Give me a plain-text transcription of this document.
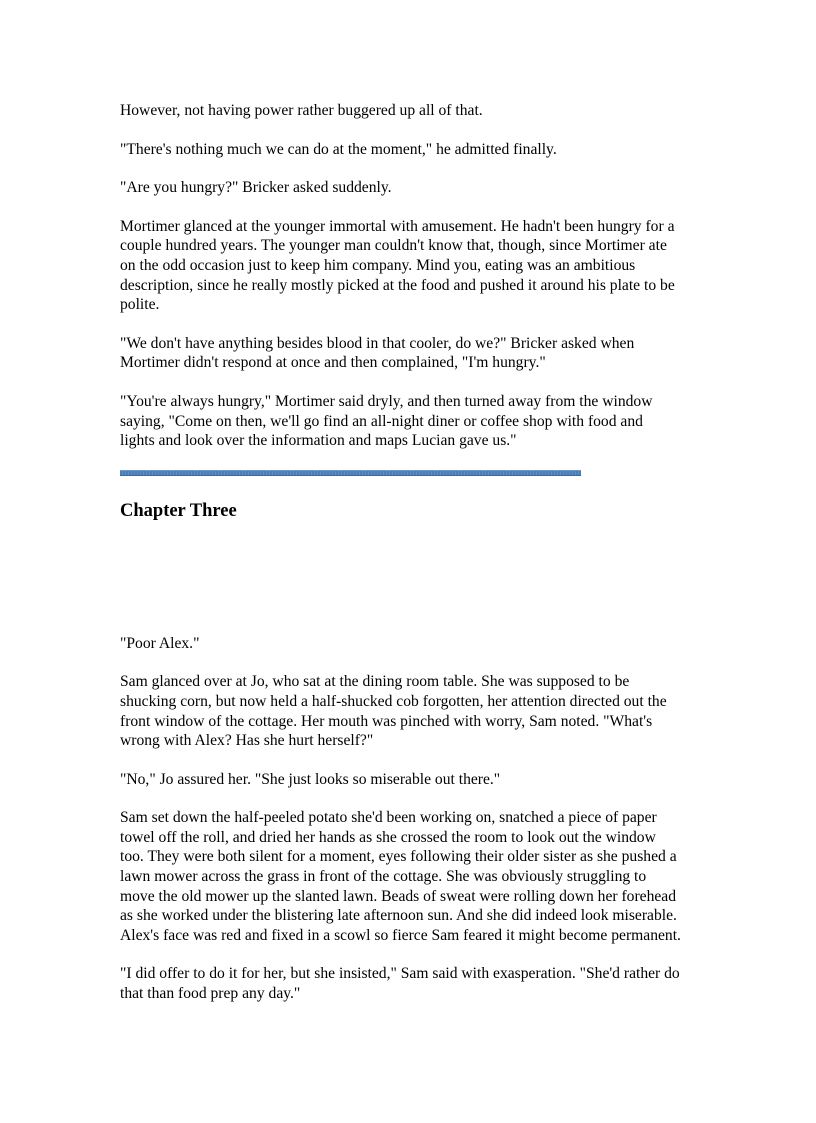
However, not having power rather buggered up all of that.

"There's nothing much we can do at the moment," he admitted finally.

"Are you hungry?" Bricker asked suddenly.

Mortimer glanced at the younger immortal with amusement. He hadn't been hungry for a
couple hundred years. The younger man couldn't know that, though, since Mortimer ate
on the odd occasion just to keep him company. Mind you, eating was an ambitious
description, since he really mostly picked at the food and pushed it around his plate to be
polite.

"We don't have anything besides blood in that cooler, do we?" Bricker asked when
Mortimer didn't respond at once and then complained, "I'm hungry."

"You're always hungry," Mortimer said dryly, and then turned away from the window
saying, "Come on then, we'll go find an all-night diner or coffee shop with food and
lights and look over the information and maps Lucian gave us."

Chapter Three

"Poor Alex."

Sam glanced over at Jo, who sat at the dining room table. She was supposed to be
shucking corn, but now held a half-shucked cob forgotten, her attention directed out the
front window of the cottage. Her mouth was pinched with worry, Sam noted. "What's
wrong with Alex? Has she hurt herself?"

"No," Jo assured her. "She just looks so miserable out there."

Sam set down the half-peeled potato she'd been working on, snatched a piece of paper
towel off the roll, and dried her hands as she crossed the room to look out the window
too. They were both silent for a moment, eyes following their older sister as she pushed a
lawn mower across the grass in front of the cottage. She was obviously struggling to
move the old mower up the slanted lawn. Beads of sweat were rolling down her forehead
as she worked under the blistering late afternoon sun. And she did indeed look miserable.
Alex's face was red and fixed in a scowl so fierce Sam feared it might become permanent.

"I did offer to do it for her, but she insisted," Sam said with exasperation. "She'd rather do
that than food prep any day."
